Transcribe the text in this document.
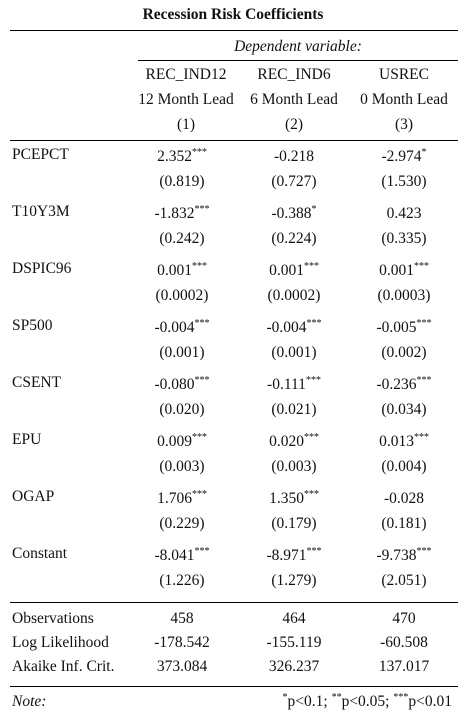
Recession Risk Coefficients
Dependent variable:
REC_IND12	REC_IND6	USREC
12 Month Lead	6 Month Lead	0 Month Lead
(1)	(2)	(3)
PCEPCT	2.352***	-0.218	-2.974*
(0.819)	(0.727)	(1.530)
T10Y3M	-1.832***	-0.388*	0.423
(0.242)	(0.224)	(0.335)
DSPIC96	0.001***	0.001***	0.001***
(0.0002)	(0.0002)	(0.0003)
SP500	-0.004***	-0.004***	-0.005***
(0.001)	(0.001)	(0.002)
CSENT	-0.080***	-0.111***	-0.236***
(0.020)	(0.021)	(0.034)
EPU	0.009***	0.020***	0.013***
(0.003)	(0.003)	(0.004)
OGAP	1.706***	1.350***	-0.028
(0.229)	(0.179)	(0.181)
Constant	-8.041***	-8.971***	-9.738***
(1.226)	(1.279)	(2.051)
Observations	458	464	470
Log Likelihood	-178.542	-155.119	-60.508
Akaike Inf. Crit.	373.084	326.237	137.017
Note:	*p<0.1; **p<0.05; ***p<0.01
